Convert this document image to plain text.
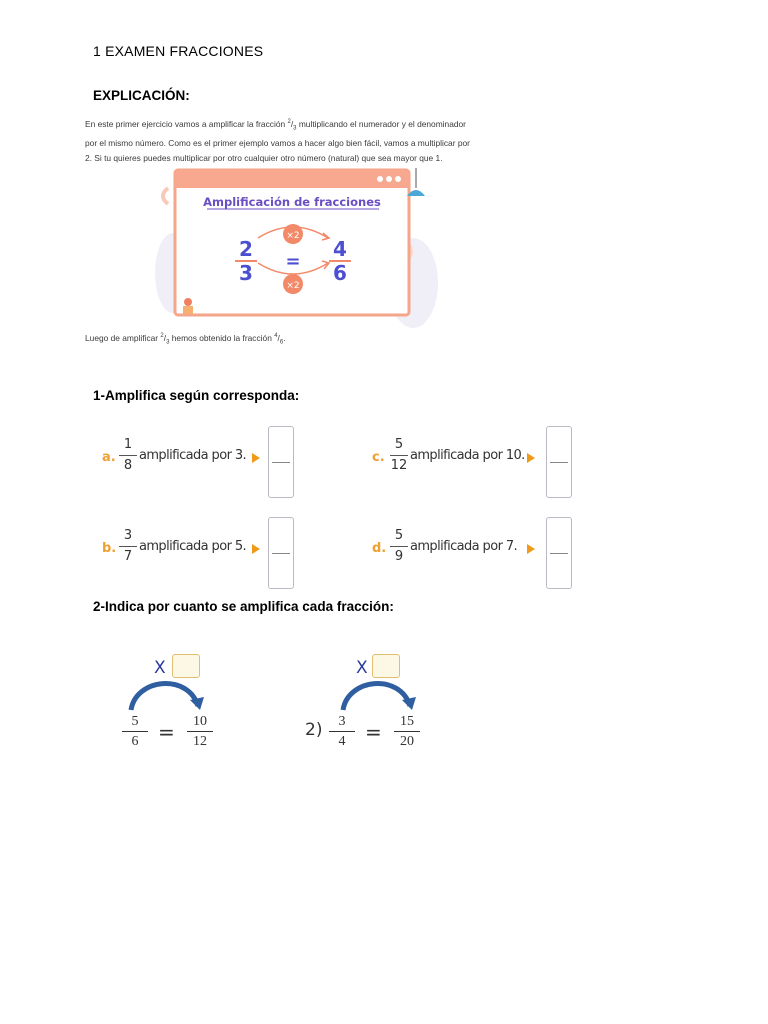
1 EXAMEN FRACCIONES
EXPLICACIÓN:
En este primer ejercicio vamos a amplificar la fracción $^2/_3$ multiplicando el numerador y el denominador
por el mismo número. Como es el primer ejemplo vamos a hacer algo bien fácil, vamos a multiplicar por
2. Si tu quieres puedes multiplicar por otro cualquier otro número (natural) que sea mayor que 1.
Amplificación de fracciones
×2
×2
2
3 =
4
6
Luego de amplificar $^2/_3$ hemos obtenido la fracción $^4/_6$.
1-Amplifica según corresponda:
a.
1
8
amplificada por 3.	c.
5
12
amplificada por 10.
b.
3
7
amplificada por 5.	d.
5
9
amplificada por 7.
2-Indica por cuanto se amplifica cada fracción:
X
5
6 =	10
12
X
2)	3
4 =	15
20
